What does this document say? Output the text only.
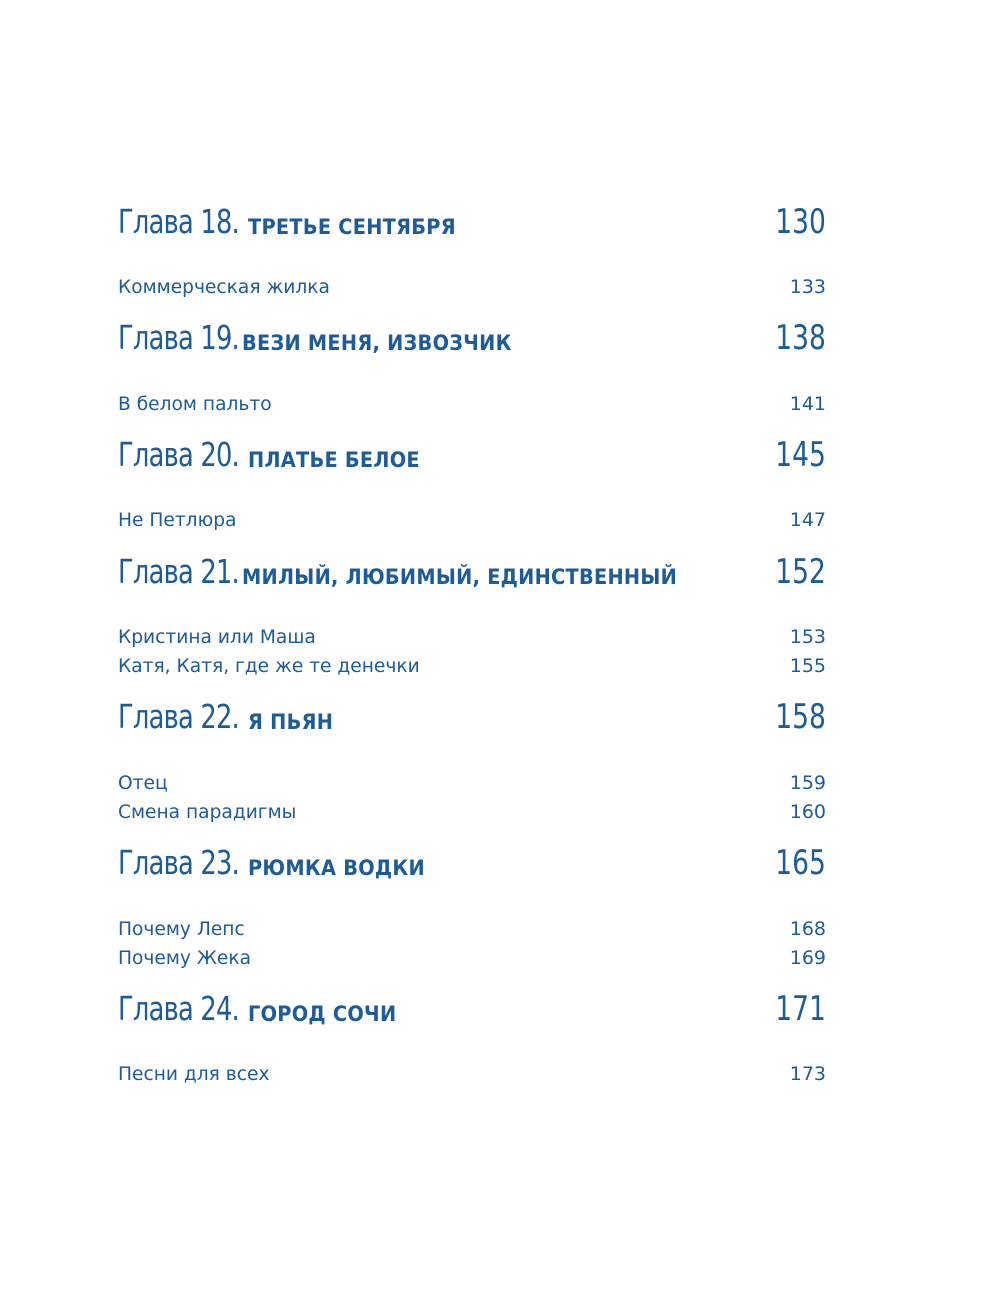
Глава 18. ТРЕТЬЕ СЕНТЯБРЯ	130
Коммерческая жилка	133
Глава 19. ВЕЗИ МЕНЯ, ИЗВОЗЧИК	138
В белом пальто	141
Глава 20. ПЛАТЬЕ БЕЛОЕ	145
Не Петлюра	147
Глава 21. МИЛЫЙ, ЛЮБИМЫЙ, ЕДИНСТВЕННЫЙ	152
Кристина или Маша	153
Катя, Катя, где же те денечки	155
Глава 22. Я ПЬЯН	158
Отец	159
Смена парадигмы	160
Глава 23. РЮМКА ВОДКИ	165
Почему Лепс	168
Почему Жека	169
Глава 24. ГОРОД СОЧИ	171
Песни для всех	173
